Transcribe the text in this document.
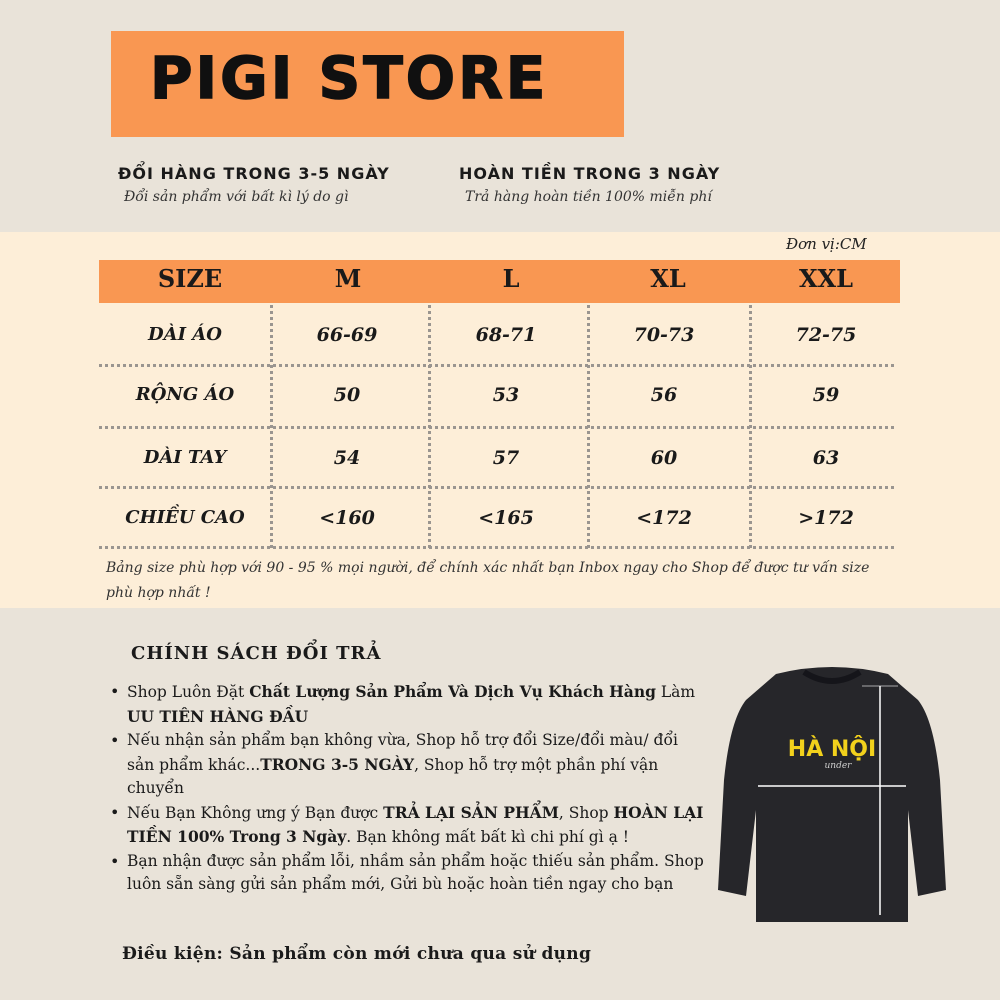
PIGI STORE
ĐỔI HÀNG TRONG 3-5 NGÀY
Đổi sản phẩm với bất kì lý do gì
HOÀN TIỀN TRONG 3 NGÀY
Trả hàng hoàn tiền 100% miễn phí
Đơn vị:CM
SIZE	M	L	XL	XXL
DÀI ÁO	66-69	68-71	70-73	72-75
RỘNG ÁO	50	53	56	59
DÀI TAY	54	57	60	63
CHIỀU CAO	<160	<165	<172	>172
Bảng size phù hợp với 90 - 95 % mọi người, để chính xác nhất bạn Inbox ngay cho Shop để được tư vấn size phù hợp nhất !
CHÍNH SÁCH ĐỔI TRẢ
• Shop Luôn Đặt Chất Lượng Sản Phẩm Và Dịch Vụ Khách Hàng Làm UU TIÊN HÀNG ĐẦU
• Nếu nhận sản phẩm bạn không vừa, Shop hỗ trợ đổi Size/đổi màu/ đổi sản phẩm khác...TRONG 3-5 NGÀY, Shop hỗ trợ một phần phí vận chuyển
• Nếu Bạn Không ưng ý Bạn được TRẢ LẠI SẢN PHẨM, Shop HOÀN LẠI TIỀN 100% Trong 3 Ngày. Bạn không mất bất kì chi phí gì ạ !
• Bạn nhận được sản phẩm lỗi, nhầm sản phẩm hoặc thiếu sản phẩm. Shop luôn sẵn sàng gửi sản phẩm mới, Gửi bù hoặc hoàn tiền ngay cho bạn
Điều kiện: Sản phẩm còn mới chưa qua sử dụng
HÀ NỘI
under
